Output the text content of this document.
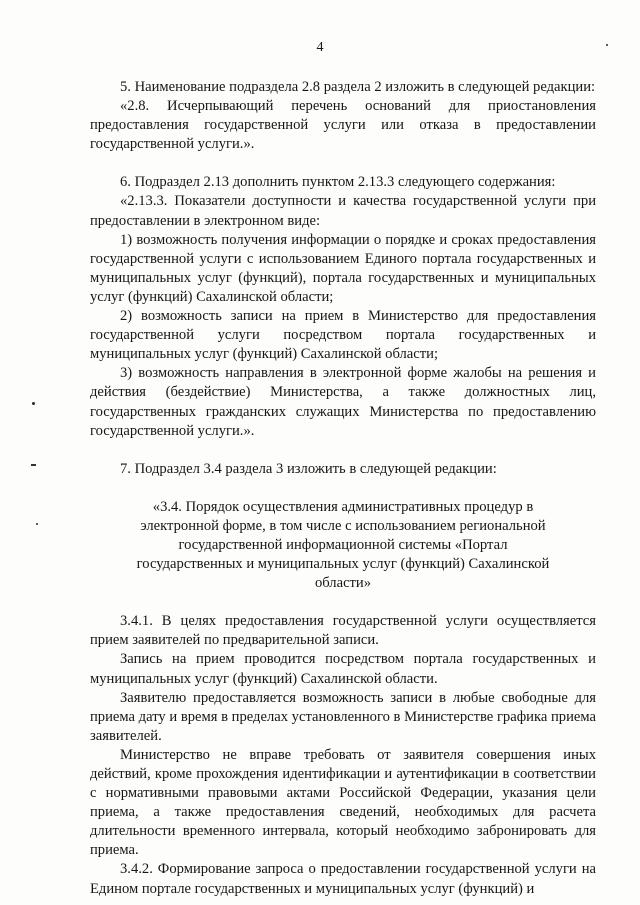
4

5. Наименование подраздела 2.8 раздела 2 изложить в следующей редакции:

«2.8. Исчерпывающий перечень оснований для приостановления предоставления государственной услуги или отказа в предоставлении государственной услуги.».

6. Подраздел 2.13 дополнить пунктом 2.13.3 следующего содержания:

«2.13.3. Показатели доступности и качества государственной услуги при предоставлении в электронном виде:

1) возможность получения информации о порядке и сроках предоставления государственной услуги с использованием Единого портала государственных и муниципальных услуг (функций), портала государственных и муниципальных услуг (функций) Сахалинской области;

2) возможность записи на прием в Министерство для предоставления государственной услуги посредством портала государственных и муниципальных услуг (функций) Сахалинской области;

3) возможность направления в электронной форме жалобы на решения и действия (бездействие) Министерства, а также должностных лиц, государственных гражданских служащих Министерства по предоставлению государственной услуги.».

7. Подраздел 3.4 раздела 3 изложить в следующей редакции:

«3.4. Порядок осуществления административных процедур в электронной форме, в том числе с использованием региональной государственной информационной системы «Портал государственных и муниципальных услуг (функций) Сахалинской области»

3.4.1. В целях предоставления государственной услуги осуществляется прием заявителей по предварительной записи.

Запись на прием проводится посредством портала государственных и муниципальных услуг (функций) Сахалинской области.

Заявителю предоставляется возможность записи в любые свободные для приема дату и время в пределах установленного в Министерстве графика приема заявителей.

Министерство не вправе требовать от заявителя совершения иных действий, кроме прохождения идентификации и аутентификации в соответствии с нормативными правовыми актами Российской Федерации, указания цели приема, а также предоставления сведений, необходимых для расчета длительности временного интервала, который необходимо забронировать для приема.

3.4.2. Формирование запроса о предоставлении государственной услуги на Едином портале государственных и муниципальных услуг (функций) и
